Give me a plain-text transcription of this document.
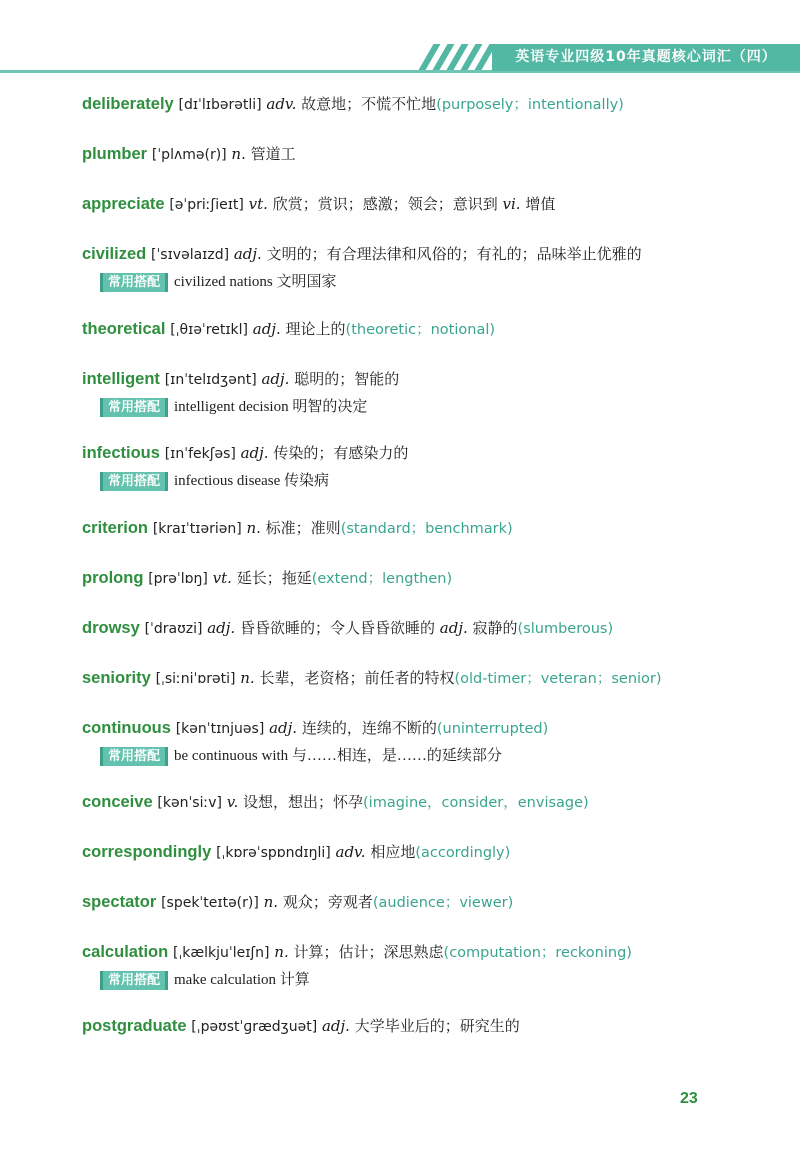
英语专业四级10年真题核心词汇（四）
deliberately [dɪˈlɪbərətli] adv. 故意地；不慌不忙地(purposely；intentionally)
plumber [ˈplʌmə(r)] n. 管道工
appreciate [əˈpriːʃieɪt] vt. 欣赏；赏识；感激；领会；意识到 vi. 增值
civilized [ˈsɪvəlaɪzd] adj. 文明的；有合理法律和风俗的；有礼的；品味举止优雅的
常用搭配 civilized nations 文明国家
theoretical [ˌθɪəˈretɪkl] adj. 理论上的(theoretic；notional)
intelligent [ɪnˈtelɪdʒənt] adj. 聪明的；智能的
常用搭配 intelligent decision 明智的决定
infectious [ɪnˈfekʃəs] adj. 传染的；有感染力的
常用搭配 infectious disease 传染病
criterion [kraɪˈtɪəriən] n. 标准；准则(standard；benchmark)
prolong [prəˈlɒŋ] vt. 延长；拖延(extend；lengthen)
drowsy [ˈdraʊzi] adj. 昏昏欲睡的；令人昏昏欲睡的 adj. 寂静的(slumberous)
seniority [ˌsiːniˈɒrəti] n. 长辈，老资格；前任者的特权(old-timer；veteran；senior)
continuous [kənˈtɪnjuəs] adj. 连续的，连绵不断的(uninterrupted)
常用搭配 be continuous with 与……相连，是……的延续部分
conceive [kənˈsiːv] v. 设想，想出；怀孕(imagine，consider，envisage)
correspondingly [ˌkɒrəˈspɒndɪŋli] adv. 相应地(accordingly)
spectator [spekˈteɪtə(r)] n. 观众；旁观者(audience；viewer)
calculation [ˌkælkjuˈleɪʃn] n. 计算；估计；深思熟虑(computation；reckoning)
常用搭配 make calculation 计算
postgraduate [ˌpəʊstˈɡrædʒuət] adj. 大学毕业后的；研究生的
23
